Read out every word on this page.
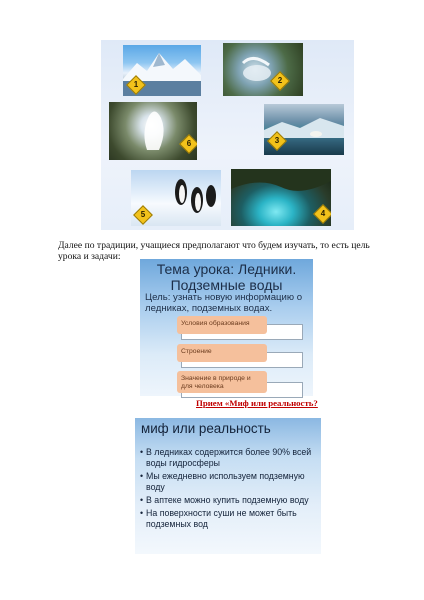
1	2
6	3
5	4
Далее по традиции, учащиеся предполагают что будем изучать, то есть цель урока и задачи:
Тема урока: Ледники. Подземные воды
Цель: узнать новую информацию о ледниках, подземных водах.
Условия образования
Строение
Значение в природе и для человека
Прием «Миф или реальность?
миф или реальность
• В ледниках содержится более 90% всей воды гидросферы
• Мы ежедневно используем подземную воду
• В аптеке можно купить подземную воду
• На поверхности суши не может быть подземных вод
